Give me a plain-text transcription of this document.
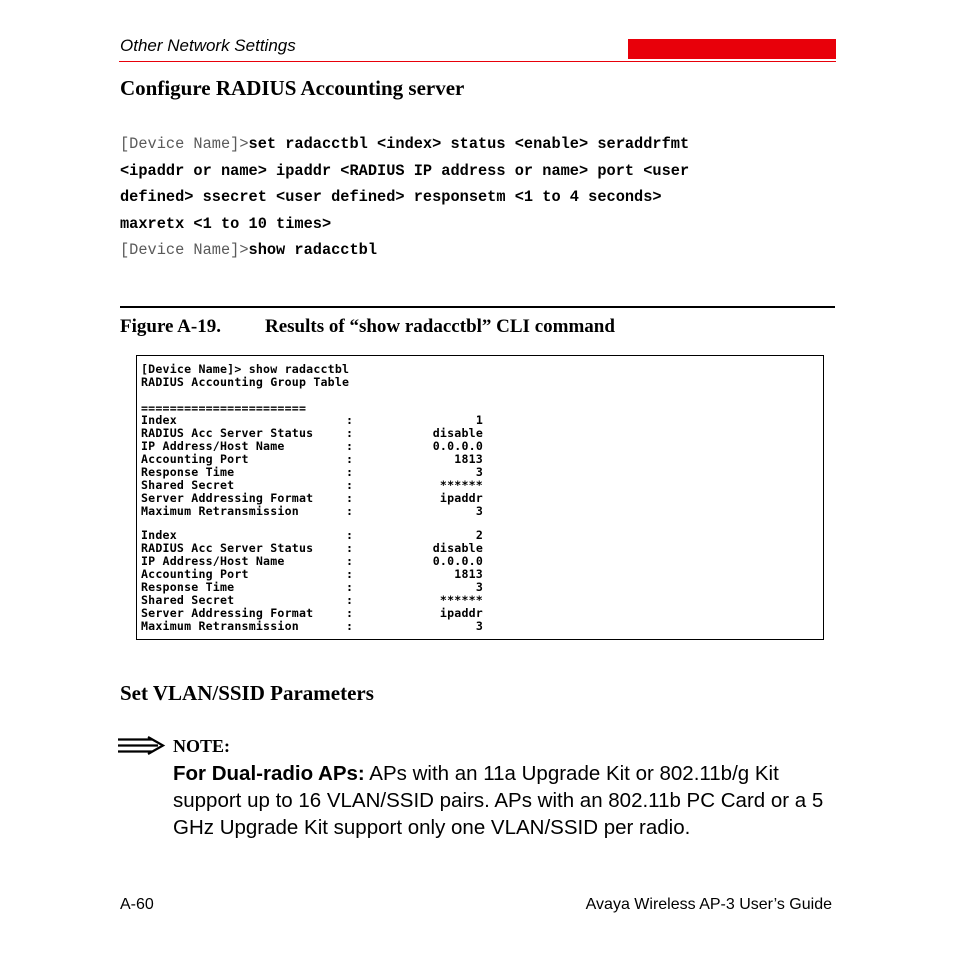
Other Network Settings
Configure RADIUS Accounting server
[Device Name]>set radacctbl <index> status <enable> seraddrfmt
<ipaddr or name> ipaddr <RADIUS IP address or name> port <user
defined> ssecret <user defined> responsetm <1 to 4 seconds>
maxretx <1 to 10 times>
[Device Name]>show radacctbl
Figure A-19. Results of “show radacctbl” CLI command
[Device Name]> show radacctbl
RADIUS Accounting Group Table
=======================
Index	:	1
RADIUS Acc Server Status	:	disable
IP Address/Host Name	:	0.0.0.0
Accounting Port	:	1813
Response Time	:	3
Shared Secret	:	******
Server Addressing Format	:	ipaddr
Maximum Retransmission	:	3
Index	:	2
RADIUS Acc Server Status	:	disable
IP Address/Host Name	:	0.0.0.0
Accounting Port	:	1813
Response Time	:	3
Shared Secret	:	******
Server Addressing Format	:	ipaddr
Maximum Retransmission	:	3
Set VLAN/SSID Parameters
NOTE:
For Dual-radio APs: APs with an 11a Upgrade Kit or 802.11b/g Kit support up to 16 VLAN/SSID pairs. APs with an 802.11b PC Card or a 5 GHz Upgrade Kit support only one VLAN/SSID per radio.
A-60	Avaya Wireless AP-3 User’s Guide
